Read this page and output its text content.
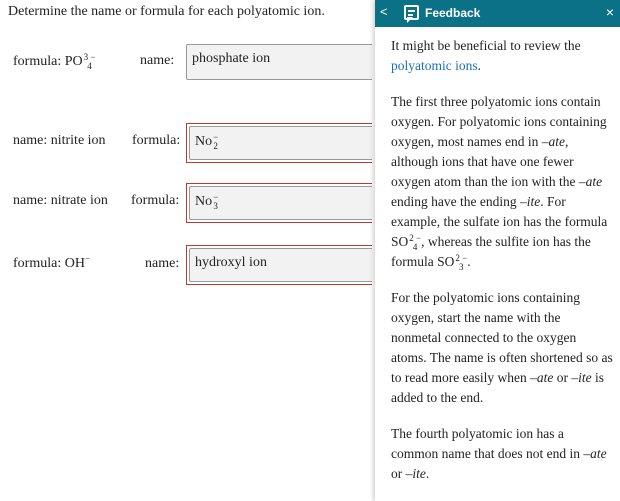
Determine the name or formula for each polyatomic ion.
formula: PO 3 −
4	name:	phosphate ion
name: nitrite ion formula:	No −
2
name: nitrate ion formula:	No −
3
formula: OH−	name:	hydroxyl ion
<	Feedback	×

It might be beneficial to review the polyatomic ions.

The first three polyatomic ions contain oxygen. For polyatomic ions containing oxygen, most names end in –ate, although ions that have one fewer oxygen atom than the ion with the –ate ending have the ending –ite. For example, the sulfate ion has the formula SO 2 −
4 , whereas the sulfite ion has the formula SO 2 −
3 .

For the polyatomic ions containing oxygen, start the name with the nonmetal connected to the oxygen atoms. The name is often shortened so as to read more easily when –ate or –ite is added to the end.

The fourth polyatomic ion has a common name that does not end in –ate or –ite.
